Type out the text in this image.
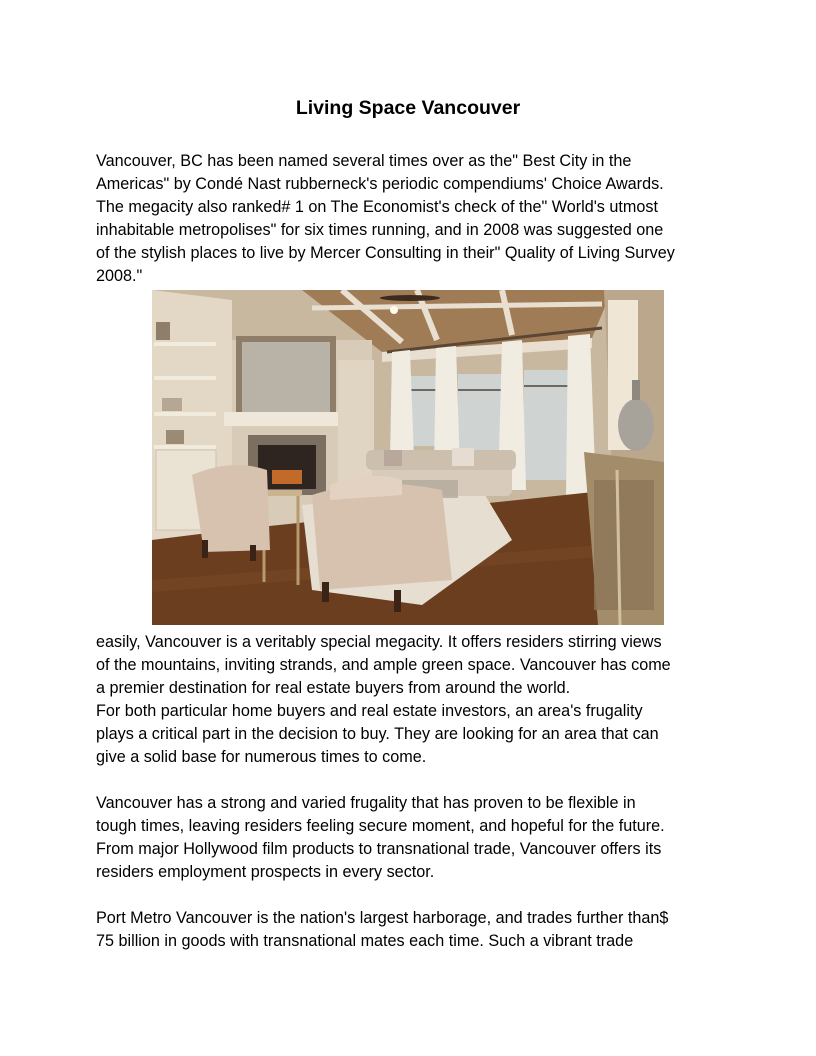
Living Space Vancouver
Vancouver, BC has been named several times over as the" Best City in the
Americas" by Condé Nast rubberneck's periodic compendiums' Choice Awards.
The megacity also ranked# 1 on The Economist's check of the" World's utmost
inhabitable metropolises" for six times running, and in 2008 was suggested one
of the stylish places to live by Mercer Consulting in their" Quality of Living Survey
2008."
easily, Vancouver is a veritably special megacity. It offers residers stirring views
of the mountains, inviting strands, and ample green space. Vancouver has come
a premier destination for real estate buyers from around the world.
For both particular home buyers and real estate investors, an area's frugality
plays a critical part in the decision to buy. They are looking for an area that can
give a solid base for numerous times to come.
Vancouver has a strong and varied frugality that has proven to be flexible in
tough times, leaving residers feeling secure moment, and hopeful for the future.
From major Hollywood film products to transnational trade, Vancouver offers its
residers employment prospects in every sector.
Port Metro Vancouver is the nation's largest harborage, and trades further than$
75 billion in goods with transnational mates each time. Such a vibrant trade
